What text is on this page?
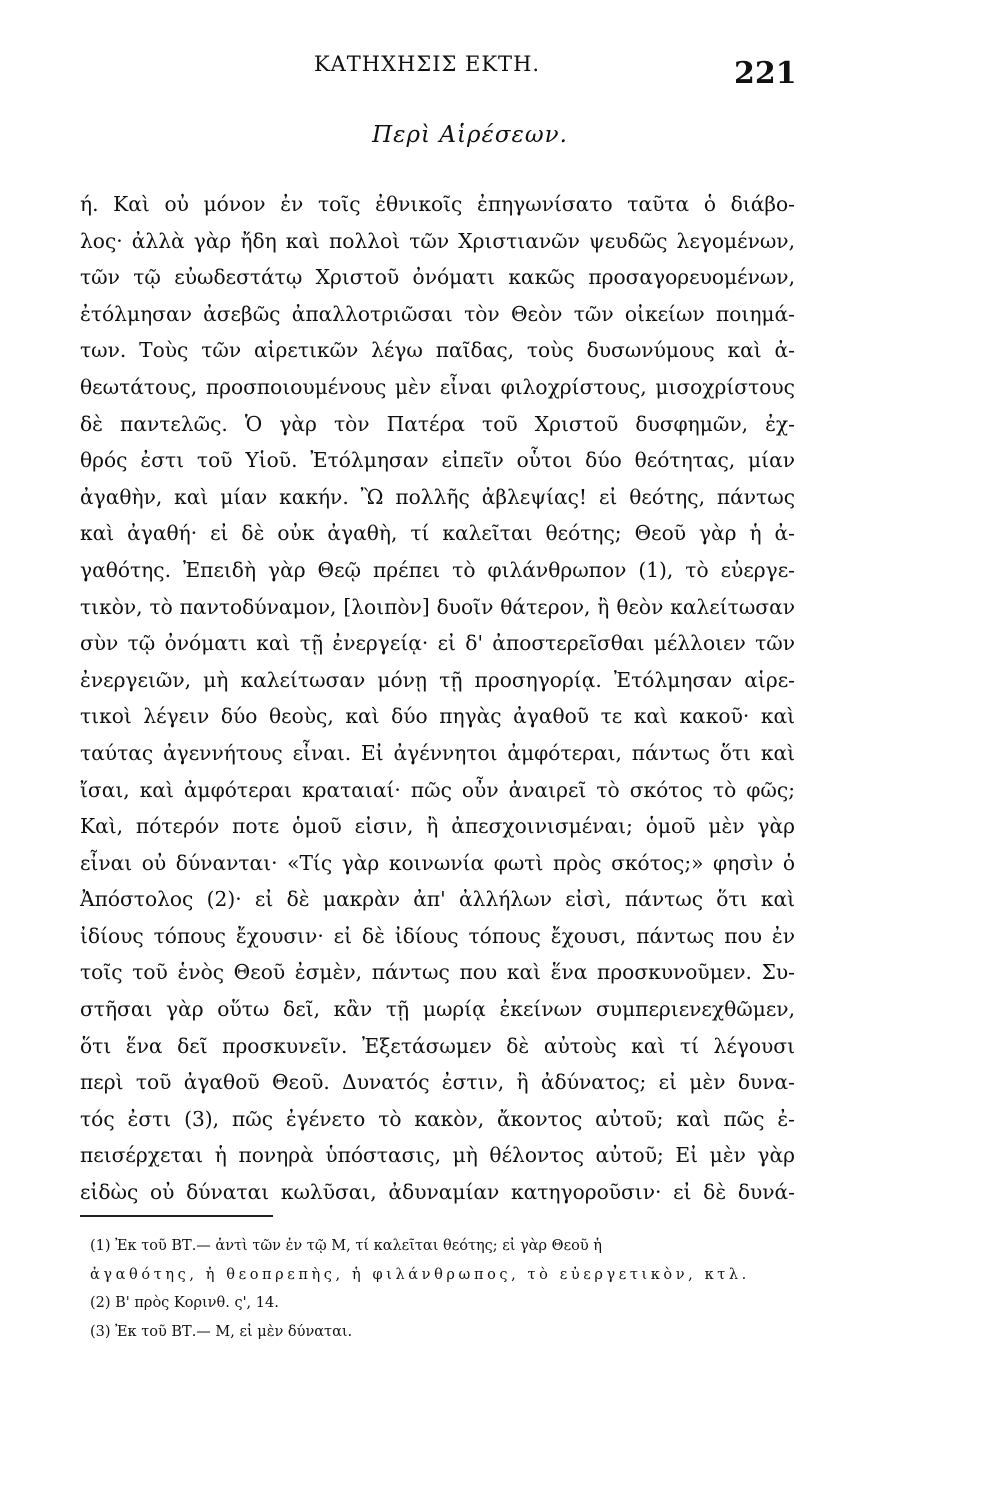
ΚΑΤΗΧΗΣΙΣ ΕΚΤΗ.	221
Περὶ Αἱρέσεων.
ή. Καὶ οὐ μόνον ἐν τοῖς ἐθνικοῖς ἐπηγωνίσατο ταῦτα ὁ διάβο-
λος· ἀλλὰ γὰρ ἤδη καὶ πολλοὶ τῶν Χριστιανῶν ψευδῶς λεγομένων,
τῶν τῷ εὐωδεστάτῳ Χριστοῦ ὀνόματι κακῶς προσαγορευομένων,
ἐτόλμησαν ἀσεβῶς ἀπαλλοτριῶσαι τὸν Θεὸν τῶν οἰκείων ποιημά-
των. Τοὺς τῶν αἱρετικῶν λέγω παῖδας, τοὺς δυσωνύμους καὶ ἀ-
θεωτάτους, προσποιουμένους μὲν εἶναι φιλοχρίστους, μισοχρίστους
δὲ παντελῶς. Ὁ γὰρ τὸν Πατέρα τοῦ Χριστοῦ δυσφημῶν, ἐχ-
θρός ἐστι τοῦ Υἱοῦ. Ἐτόλμησαν εἰπεῖν οὗτοι δύο θεότητας, μίαν
ἀγαθὴν, καὶ μίαν κακήν. Ὢ πολλῆς ἀβλεψίας! εἰ θεότης, πάντως
καὶ ἀγαθή· εἰ δὲ οὐκ ἀγαθὴ, τί καλεῖται θεότης; Θεοῦ γὰρ ἡ ἀ-
γαθότης. Ἐπειδὴ γὰρ Θεῷ πρέπει τὸ φιλάνθρωπον (1), τὸ εὐεργε-
τικὸν, τὸ παντοδύναμον, [λοιπὸν] δυοῖν θάτερον, ἢ θεὸν καλείτωσαν
σὺν τῷ ὀνόματι καὶ τῇ ἐνεργείᾳ· εἰ δ' ἀποστερεῖσθαι μέλλοιεν τῶν
ἐνεργειῶν, μὴ καλείτωσαν μόνῃ τῇ προσηγορίᾳ. Ἐτόλμησαν αἱρε-
τικοὶ λέγειν δύο θεοὺς, καὶ δύο πηγὰς ἀγαθοῦ τε καὶ κακοῦ· καὶ
ταύτας ἀγεννήτους εἶναι. Εἰ ἀγέννητοι ἀμφότεραι, πάντως ὅτι καὶ
ἴσαι, καὶ ἀμφότεραι κραταιαί· πῶς οὖν ἀναιρεῖ τὸ σκότος τὸ φῶς;
Καὶ, πότερόν ποτε ὁμοῦ εἰσιν, ἢ ἀπεσχοινισμέναι; ὁμοῦ μὲν γὰρ
εἶναι οὐ δύνανται· «Τίς γὰρ κοινωνία φωτὶ πρὸς σκότος;» φησὶν ὁ
Ἀπόστολος (2)· εἰ δὲ μακρὰν ἀπ' ἀλλήλων εἰσὶ, πάντως ὅτι καὶ
ἰδίους τόπους ἔχουσιν· εἰ δὲ ἰδίους τόπους ἔχουσι, πάντως που ἐν
τοῖς τοῦ ἑνὸς Θεοῦ ἐσμὲν, πάντως που καὶ ἕνα προσκυνοῦμεν. Συ-
στῆσαι γὰρ οὕτω δεῖ, κἂν τῇ μωρίᾳ ἐκείνων συμπεριενεχθῶμεν,
ὅτι ἕνα δεῖ προσκυνεῖν. Ἐξετάσωμεν δὲ αὐτοὺς καὶ τί λέγουσι
περὶ τοῦ ἀγαθοῦ Θεοῦ. Δυνατός ἐστιν, ἢ ἀδύνατος; εἰ μὲν δυνα-
τός ἐστι (3), πῶς ἐγένετο τὸ κακὸν, ἄκοντος αὐτοῦ; καὶ πῶς ἐ-
πεισέρχεται ἡ πονηρὰ ὑπόστασις, μὴ θέλοντος αὐτοῦ; Εἰ μὲν γὰρ
εἰδὼς οὐ δύναται κωλῦσαι, ἀδυναμίαν κατηγοροῦσιν· εἰ δὲ δυνά-
(1) Ἐκ τοῦ ΒΤ.— ἀντὶ τῶν ἐν τῷ Μ, τί καλεῖται θεότης; εἰ γὰρ Θεοῦ ἡ
ἀγαθότης, ἡ θεοπρεπὴς, ἡ φιλάνθρωπος, τὸ εὐεργετικὸν, κτλ.
(2) Β' πρὸς Κορινθ. ς', 14.
(3) Ἐκ τοῦ ΒΤ.— Μ, εἰ μὲν δύναται.
